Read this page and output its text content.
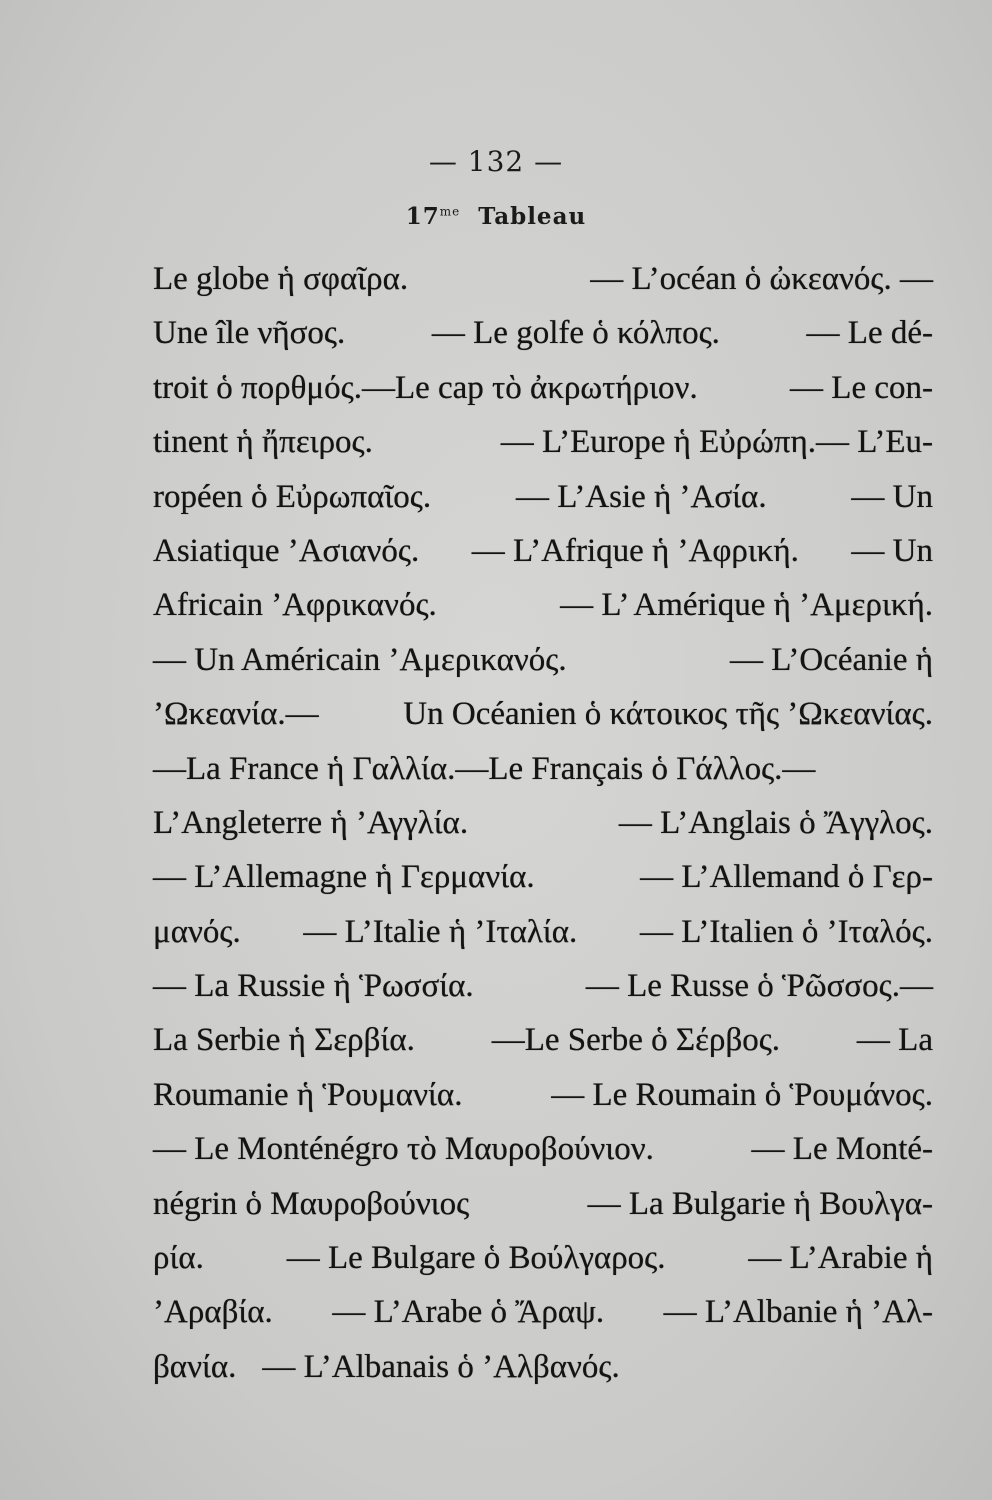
— 132 —
$17^{me}$ Tableau
Le globe ἡ σφαῖρα.	— L’océan ὁ ὠκεανός. —
Une île νῆσος.	— Le golfe ὁ κόλπος.	— Le dé-
troit ὁ πορθμός.—Le cap τὸ ἀκρωτήριον.	— Le con-
tinent ἡ ἤπειρος.	— L’Europe ἡ Εὐρώπη.— L’Eu-
ropéen ὁ Εὐρωπαῖος.	— L’Asie ἡ ’Ασία.	— Un
Asiatique ’Ασιανός. — L’Afrique ἡ ’Αφρική. — Un
Africain ’Αφρικανός.	— L’ Amérique ἡ ’Αμερική.
— Un Américain ’Αμερικανός.	— L’Océanie ἡ
’Ωκεανία.—	Un Océanien ὁ κάτοικος τῆς ’Ωκεανίας.
—La France ἡ Γαλλία.—Le Français ὁ Γάλλος.—
L’Angleterre ἡ ’Αγγλία.	— L’Anglais ὁ Ἄγγλος.
— L’Allemagne ἡ Γερμανία.	— L’Allemand ὁ Γερ-
μανός. — L’Italie ἡ ’Ιταλία. — L’Italien ὁ ’Ιταλός.
— La Russie ἡ Ῥωσσία.	— Le Russe ὁ Ῥῶσσος.—
La Serbie ἡ Σερβία. —Le Serbe ὁ Σέρβος. — La
Roumanie ἡ Ῥουμανία.	— Le Roumain ὁ Ῥουμάνος.
— Le Monténégro τὸ Μαυροβούνιον.	— Le Monté-
négrin ὁ Μαυροβούνιος	— La Bulgarie ἡ Βουλγα-
ρία.	— Le Bulgare ὁ Βούλγαρος.	— L’Arabie ἡ
’Αραβία. — L’Arabe ὁ Ἄραψ. — L’Albanie ἡ ’Αλ-
βανία. — L’Albanais ὁ ’Αλβανός.
